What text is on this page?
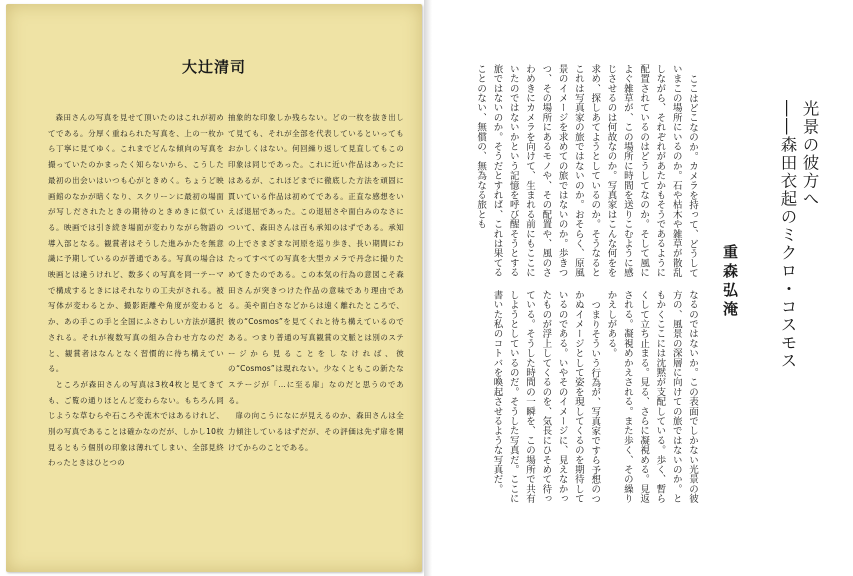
大辻清司

森田さんの写真を見せて頂いたのはこれが初めてである。分厚く重ねられた写真を、上の一枚から丁寧に見てゆく。これまでどんな傾向の写真を撮っていたのかまったく知らないから、こうした最初の出会いはいつも心がときめく。ちょうど映画館のなかが暗くなり、スクリーンに最初の場面が写しだされたときの期待のときめきに似ている。映画では引き続き場面が変わりながら物語の導入部となる。観賞者はそうした進みかたを無意識に予期しているのが普通である。写真の場合は映画とは違うけれど、数多くの写真を同一テーマで構成するときにはそれなりの工夫がされる。被写体が変わるとか、撮影距離や角度が変わるとか、あの手この手と全国にふさわしい方法が選択される。それが複数写真の組み合わせ方なのだと、観賞者はなんとなく習慣的に待ち構えている。

ところが森田さんの写真は3枚4枚と見てきても、ご覧の通りほとんど変わらない。もちろん同じような草むらや石ころや流木ではあるけれど、別の写真であることは確かなのだが、しかし10枚見るともう個別の印象は薄れてしまい、全部見終わったときはひとつの

抽象的な印象しか残らない。どの一枚を抜き出して見ても、それが全部を代表しているといってもおかしくはない。何回繰り返して見直してもこの印象は同じであった。これに近い作品はあったにはあるが、これほどまでに徹底した方法を頑固に貫いている作品は初めてである。正直な感想をいえば退屈であった。この退屈さや面白みのなさについて、森田さんは百も承知のはずである。承知の上でさまざまな河原を巡り歩き、長い期間にわたってすべての写真を大型カメラで丹念に撮りためてきたのである。この本気の行為の意図こそ森田さんが突きつけた作品の意味であり理由である。美や面白さなどからは遠く離れたところで、彼の“Cosmos”を見てくれと待ち構えているのである。つまり普通の写真観賞の文脈とは別のステージから見ることをしなければ、彼の“Cosmos”は現れない。少なくともこの新たなステージが「…に至る扉」なのだと思うのである。

扉の向こうになにが見えるのか、森田さんは全力傾注しているはずだが、その評価は先ず扉を開けてからのことである。

光景の彼方へ
――森田衣起のミクロ・コスモス
重森弘淹

ここはどこなのか。カメラを持って、どうしていまこの場所にいるのか。石や枯木や雑草が散乱しながら、それぞれがあたかもそうであるように配置されているのはどうしてなのか。そして風によぐ雑草が、この場所に時間を送りこむように感じさせるのは何故なのか。写真家はこんな何をを求め、探しあてようとしているのか。そうなるとこれは写真家の旅ではないのか。おそらく、原風景のイメージを求めての旅ではないのか。歩きつつ、その場所にあるモノや、その配置や、風のさわめきにカメラを向けて、生まれる前にもここにいたのではないかという記憶を呼び醒そうとする旅ではないのか。そうだとすれば、これは果てることのない、無償の、無為なる旅とも

なるのではないか。この表面でしかない光景の彼方の、風景の深層に向けての旅ではないのか。ともかくここには沈黙が支配している。歩く、暫らくして立ち止まる。見る、さらに凝視める。見返される。凝視めかえされる。また歩く、その繰りかえしがある。

つまりそういう行為が、写真家ですら予想のつかぬイメージとして姿を現してくるのを期待しているのである。いやそのイメージに、見えなかったものが浮上してくるのを、気長にひそめて待っている。そうした時間の一瞬を、この場所で共有しようとしているのだ。そうした写真だ。ここに書いた私のコトバを喚起させるような写真だ。
